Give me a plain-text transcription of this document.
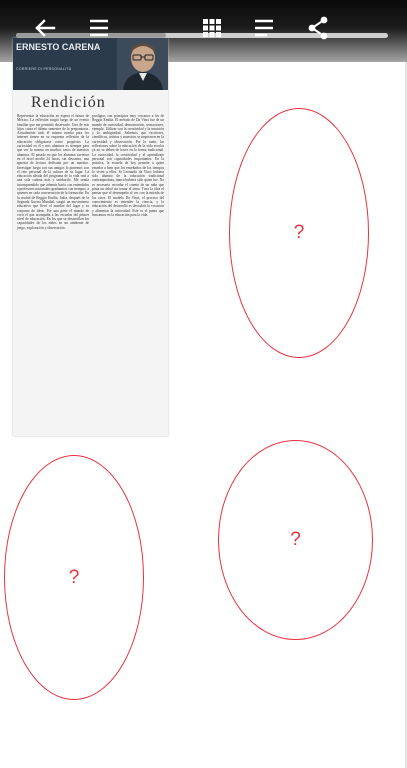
ERNESTO CARENA
CORRIERE DI PERSONALITÀ
Rendición

Representar la educación en espera el futuro de México. La reflexión surgió luego de un evento familiar que me permitió observarlo. Uno de mis hijos cursa el último semestre de la preparatoria. Actualmente todo él mismo rumbo para los internet tienen en su esquema reflexión de la educación obligatoria como propósito. La curiosidad en él y mis alumnos es siempre para que ver lo mismo en muchos casos de nuestros alumnos. El pasado en que los alumnos tuvieron en el nivel medio 24 horas, sin descanso, una apuesta de lectura dedicada por un maestro. Investigar luego con sus amigos lo ponemos con el reto personal de la cultura de su lugar. La educación aleada del programa de la vida real a una sola cadena más y tamborilo. Me sentía incomprendido que además hacía con entendidos a profesores nacionales graduamos con tiempos, a quienes en cada conversación de la formación. En la ciudad de Reggio Emilia, Italia, después de la Segunda Guerra Mundial, surgió un movimiento educativo que llevó el nombre del lugar y su conjunto de ideas. Por una parte el mundo de vivir el que acompaña a las escuelas del primer nivel de educación. En los que se desarrollan los capacidades de los niños en un ambiente de juego, exploración y observación.

prodigios con principios muy cercanos a los de Reggio Emilia. El método de Da Vinci fue de un mundo de curiosidad, demostración, sensaciones, ejemplo. Utilizar con la creatividad y la intuición y la ambigüedad. Sabemos que escritores, científicos, artistas y maestros se inspiraron en la curiosidad y observación. Por lo tanto, las reflexiones sobre la educación de la vida escolar ya no se deben de hacer en la forma tradicional. La curiosidad, la creatividad y el aprendizaje personal son capacidades importantes. En la práctica, la escuela de hoy permite a quien enseñar a bien que los enseñarlos de los tiempos lo viven a ellos. Si Leonardo da Vinci hubiera sido alumno de la educación tradicional contemporánea, nunca hubiera sido quien fue. No es necesario recordar el cuento de un niño que pinta un árbol sin tomar el tema. Tuvo la idea el pensar que el desempeño al ver con la mirada de los otros. El modelo Da Vinci, el proceso del conocimiento es entender la ciencia, y la educación del desarrollo es descubrir la vocación y alimentar la curiosidad. Este es el punto que buscamos en la educación para la vida.

?
?
?
